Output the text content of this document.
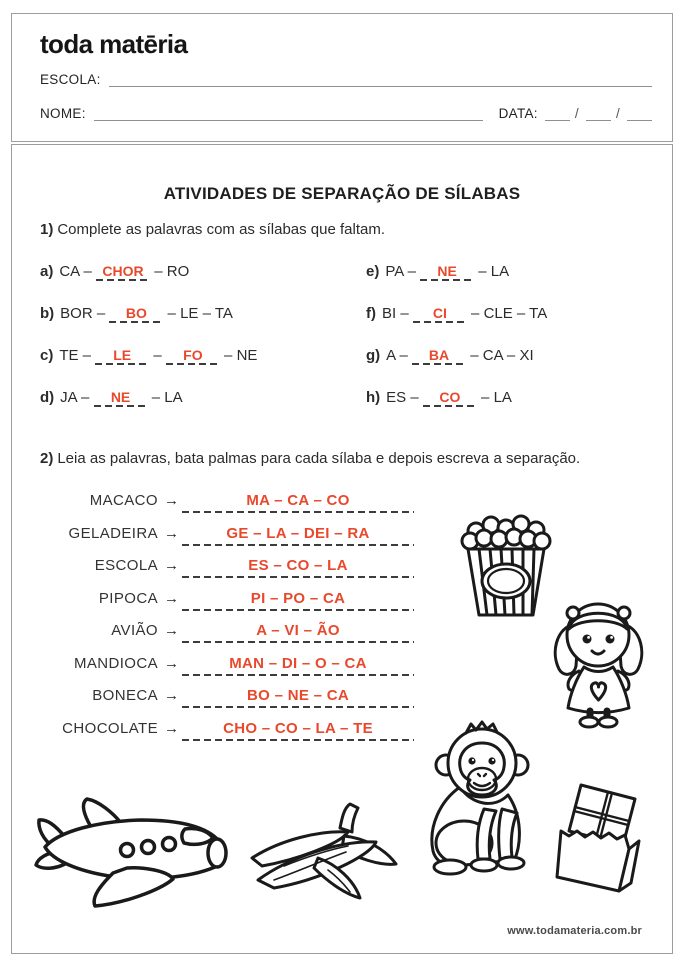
toda matēria
ESCOLA:
NOME:	DATA:	/	/
ATIVIDADES DE SEPARAÇÃO DE SÍLABAS
1) Complete as palavras com as sílabas que faltam.
a) CA – CHOR – RO
b) BOR – BO – LE – TA
c) TE – LE – FO – NE
d) JA – NE – LA
e) PA – NE – LA
f) BI – CI – CLE – TA
g) A – BA – CA – XI
h) ES – CO – LA
2) Leia as palavras, bata palmas para cada sílaba e depois escreva a separação.
MACACO →	MA – CA – CO
GELADEIRA →	GE – LA – DEI – RA
ESCOLA →	ES – CO – LA
PIPOCA →	PI – PO – CA
AVIÃO →	A – VI – ÃO
MANDIOCA →	MAN – DI – O – CA
BONECA →	BO – NE – CA
CHOCOLATE →	CHO – CO – LA – TE
www.todamateria.com.br
